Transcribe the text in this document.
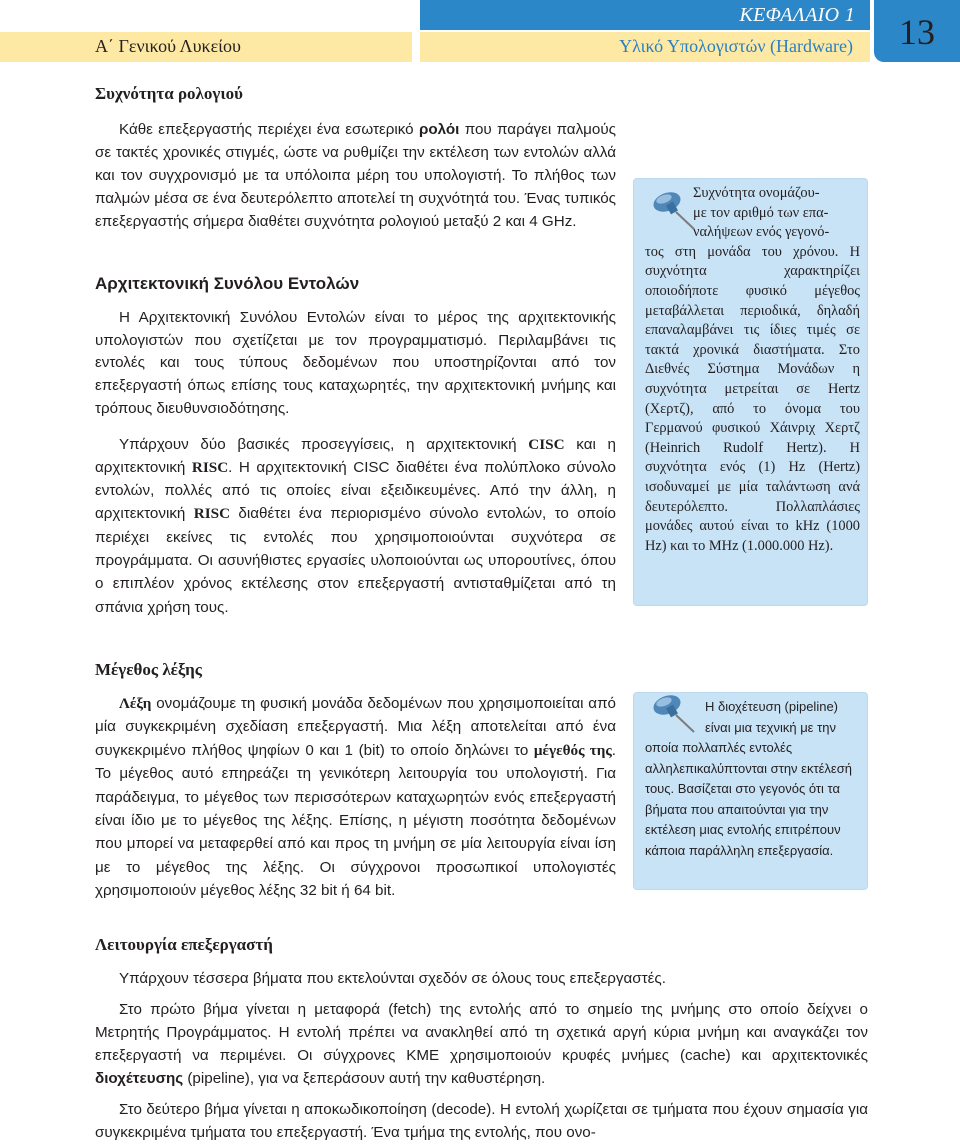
Α΄ Γενικού Λυκείου
ΚΕΦΑΛΑΙΟ 1
Υλικό Υπολογιστών (Hardware)	13
Συχνότητα ρολογιού

Κάθε επεξεργαστής περιέχει ένα εσωτερικό ρολόι που παράγει παλμούς σε τακτές χρονικές στιγμές, ώστε να ρυθμίζει την εκτέλεση των εντολών αλλά και τον συγχρονισμό με τα υπόλοιπα μέρη του υπολογιστή. Το πλήθος των παλμών μέσα σε ένα δευτερόλεπτο αποτελεί τη συχνότητά του. Ένας τυπικός επεξεργαστής σήμερα διαθέτει συχνότητα ρολογιού μεταξύ 2 και 4 GHz.

Αρχιτεκτονική Συνόλου Εντολών

Η Αρχιτεκτονική Συνόλου Εντολών είναι το μέρος της αρχιτεκτονικής υπολογιστών που σχετίζεται με τον προγραμματισμό. Περιλαμβάνει τις εντολές και τους τύπους δεδομένων που υποστηρίζονται από τον επεξεργαστή όπως επίσης τους καταχωρητές, την αρχιτεκτονική μνήμης και τρόπους διευθυνσιοδότησης.

Υπάρχουν δύο βασικές προσεγγίσεις, η αρχιτεκτονική CISC και η αρχιτεκτονική RISC. Η αρχιτεκτονική CISC διαθέτει ένα πολύπλοκο σύνολο εντολών, πολλές από τις οποίες είναι εξειδικευμένες. Από την άλλη, η αρχιτεκτονική RISC διαθέτει ένα περιορισμένο σύνολο εντολών, το οποίο περιέχει εκείνες τις εντολές που χρησιμοποιούνται συχνότερα σε προγράμματα. Οι ασυνήθιστες εργασίες υλοποιούνται ως υπορουτίνες, όπου ο επιπλέον χρόνος εκτέλεσης στον επεξεργαστή αντισταθμίζεται από τη σπάνια χρήση τους.

Μέγεθος λέξης

Λέξη ονομάζουμε τη φυσική μονάδα δεδομένων που χρησιμοποιείται από μία συγκεκριμένη σχεδίαση επεξεργαστή. Μια λέξη αποτελείται από ένα συγκεκριμένο πλήθος ψηφίων 0 και 1 (bit) το οποίο δηλώνει το μέγεθός της. Το μέγεθος αυτό επηρεάζει τη γενικότερη λειτουργία του υπολογιστή. Για παράδειγμα, το μέγεθος των περισσότερων καταχωρητών ενός επεξεργαστή είναι ίδιο με το μέγεθος της λέξης. Επίσης, η μέγιστη ποσότητα δεδομένων που μπορεί να μεταφερθεί από και προς τη μνήμη σε μία λειτουργία είναι ίση με το μέγεθος της λέξης. Οι σύγχρονοι προσωπικοί υπολογιστές χρησιμοποιούν μέγεθος λέξης 32 bit ή 64 bit.

Λειτουργία επεξεργαστή

Υπάρχουν τέσσερα βήματα που εκτελούνται σχεδόν σε όλους τους επεξεργαστές.

Στο πρώτο βήμα γίνεται η μεταφορά (fetch) της εντολής από το σημείο της μνήμης στο οποίο δείχνει ο Μετρητής Προγράμματος. Η εντολή πρέπει να ανακληθεί από τη σχετικά αργή κύρια μνήμη και αναγκάζει τον επεξεργαστή να περιμένει. Οι σύγχρονες ΚΜΕ χρησιμοποιούν κρυφές μνήμες (cache) και αρχιτεκτονικές διοχέτευσης (pipeline), για να ξεπεράσουν αυτή την καθυστέρηση.

Στο δεύτερο βήμα γίνεται η αποκωδικοποίηση (decode). Η εντολή χωρίζεται σε τμήματα που έχουν σημασία για συγκεκριμένα τμήματα του επεξεργαστή. Ένα τμήμα της εντολής, που ονο-

Συχνότητα ονομάζου-
με τον αριθμό των επα-
ναλήψεων ενός γεγονό-
τος στη μονάδα του χρόνου. Η συχνότητα χαρακτηρίζει οποιοδήποτε φυσικό μέγεθος μεταβάλλεται περιοδικά, δηλαδή επαναλαμβάνει τις ίδιες τιμές σε τακτά χρονικά διαστήματα. Στο Διεθνές Σύστημα Μονάδων η συχνότητα μετρείται σε Hertz (Χερτζ), από το όνομα του Γερμανού φυσικού Χάινριχ Χερτζ (Heinrich Rudolf Hertz). Η συχνότητα ενός (1) Hz (Hertz) ισοδυναμεί με μία ταλάντωση ανά δευτερόλεπτο. Πολλαπλάσιες μονάδες αυτού είναι το kHz (1000 Hz) και το MHz (1.000.000 Hz).
Η διοχέτευση (pipeline)
είναι μια τεχνική με την
οποία πολλαπλές εντολές αλληλεπικαλύπτονται στην εκτέλεσή τους. Βασίζεται στο γεγονός ότι τα βήματα που απαιτούνται για την εκτέλεση μιας εντολής επιτρέπουν κάποια παράλληλη επεξεργασία.
